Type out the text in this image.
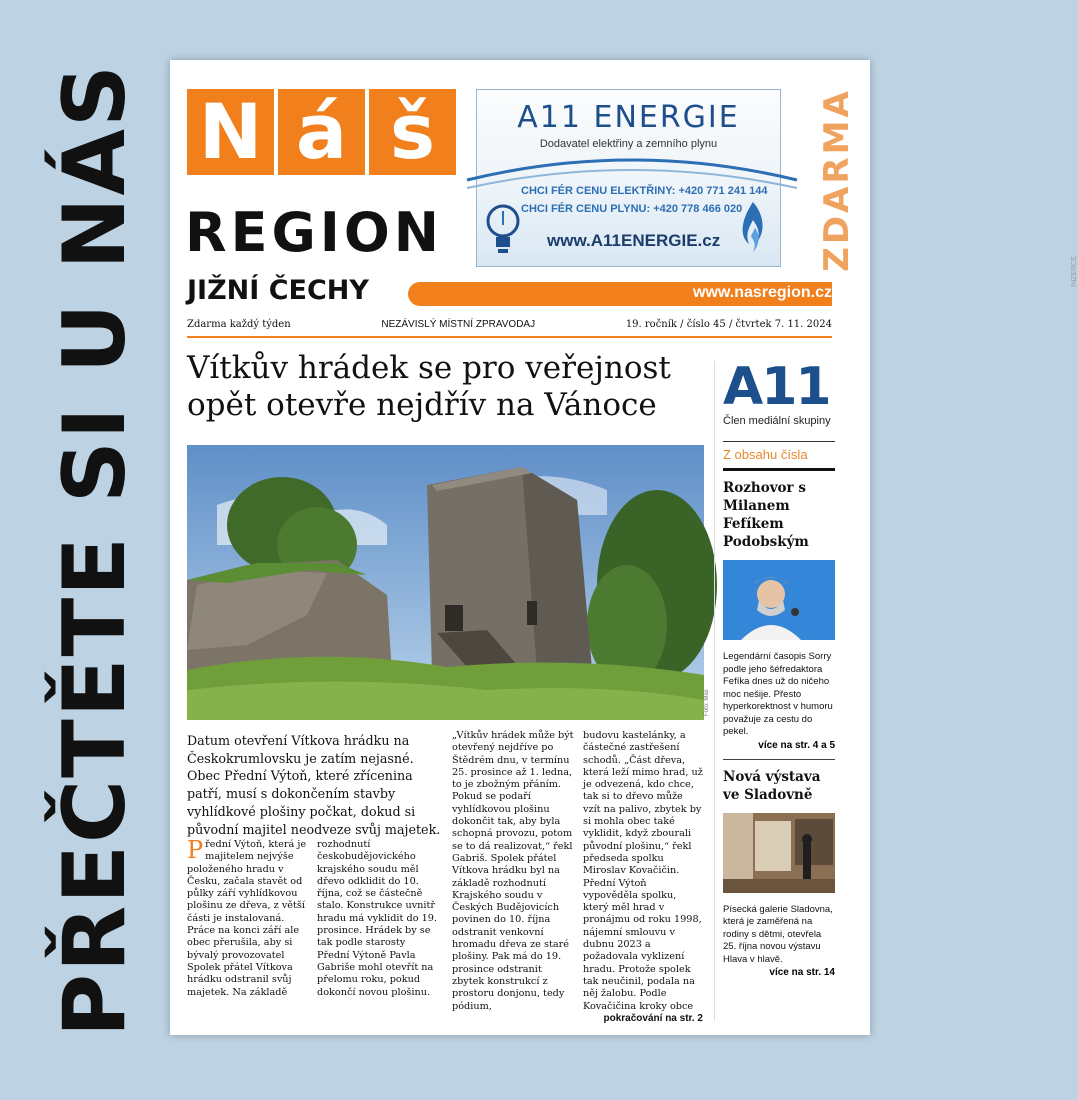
PŘEČTĚTE SI U NÁS N á š
REGION
JIŽNÍ ČECHY	www.nasregion.cz
A11 ENERGIE
Dodavatel elektřiny a zemního plynu
CHCI FÉR CENU ELEKTŘINY: +420 771 241 144
CHCI FÉR CENU PLYNU: +420 778 466 020
www.A11ENERGIE.cz
INZERCE
ZDARMA
Zdarma každý týden	NEZÁVISLÝ MÍSTNÍ ZPRAVODAJ	19. ročník / číslo 45 / čtvrtek 7. 11. 2024
Vítkův hrádek se pro veřejnost opět otevře nejdřív na Vánoce
Foto: Mas
Datum otevření Vítkova hrádku na Českokrumlovsku je zatím nejasné. Obec Přední Výtoň, které zřícenina patří, musí s dokončením stavby vyhlídkové plošiny počkat, dokud si původní majitel neodveze svůj majetek.
Přední Výtoň, která je majitelem nejvýše položeného hradu v Česku, začala stavět od půlky září vyhlídkovou plošinu ze dřeva, z větší části je instalovaná. Práce na konci září ale obec přerušila, aby si bývalý provozovatel Spolek přátel Vítkova hrádku odstranil svůj majetek. Na základě
rozhodnutí českobudějovického krajského soudu měl dřevo odklidit do 10. října, což se částečně stalo. Konstrukce uvnitř hradu má vyklidit do 19. prosince. Hrádek by se tak podle starosty Přední Výtoně Pavla Gabriše mohl otevřít na přelomu roku, pokud dokončí novou plošinu.
„Vítkův hrádek může být otevřený nejdříve po Štědrém dnu, v termínu 25. prosince až 1. ledna, to je zbožným přáním. Pokud se podaří vyhlídkovou plošinu dokončit tak, aby byla schopná provozu, potom se to dá realizovat,“ řekl Gabriš. Spolek přátel Vítkova hrádku byl na základě rozhodnutí Krajského soudu v Českých Budějovicích povinen do 10. října odstranit venkovní hromadu dřeva ze staré plošiny. Pak má do 19. prosince odstranit zbytek konstrukcí z prostoru donjonu, tedy pódium,
budovu kastelánky, a částečné zastřešení schodů. „Část dřeva, která leží mimo hrad, už je odvezená, kdo chce, tak si to dřevo může vzít na palivo, zbytek by si mohla obec také vyklidit, když zbourali původní plošinu,“ řekl předseda spolku Miroslav Kovačičin. Přední Výtoň vypověděla spolku, který měl hrad v pronájmu od roku 1998, nájemní smlouvu v dubnu 2023 a požadovala vyklizení hradu. Protože spolek tak neučinil, podala na něj žalobu. Podle Kovačičina kroky obce
pokračování na str. 2
A11
Člen mediální skupiny
Z obsahu čísla
Rozhovor s Milanem Fefíkem Podobským
Legendární časopis Sorry podle jeho šéfredaktora Fefíka dnes už do ničeho moc nešije. Přesto hyperkorektnost v humoru považuje za cestu do pekel.
více na str. 4 a 5
Nová výstava ve Sladovně
Písecká galerie Sladovna, která je zaměřená na rodiny s dětmi, otevřela 25. října novou výstavu Hlava v hlavě.
více na str. 14
